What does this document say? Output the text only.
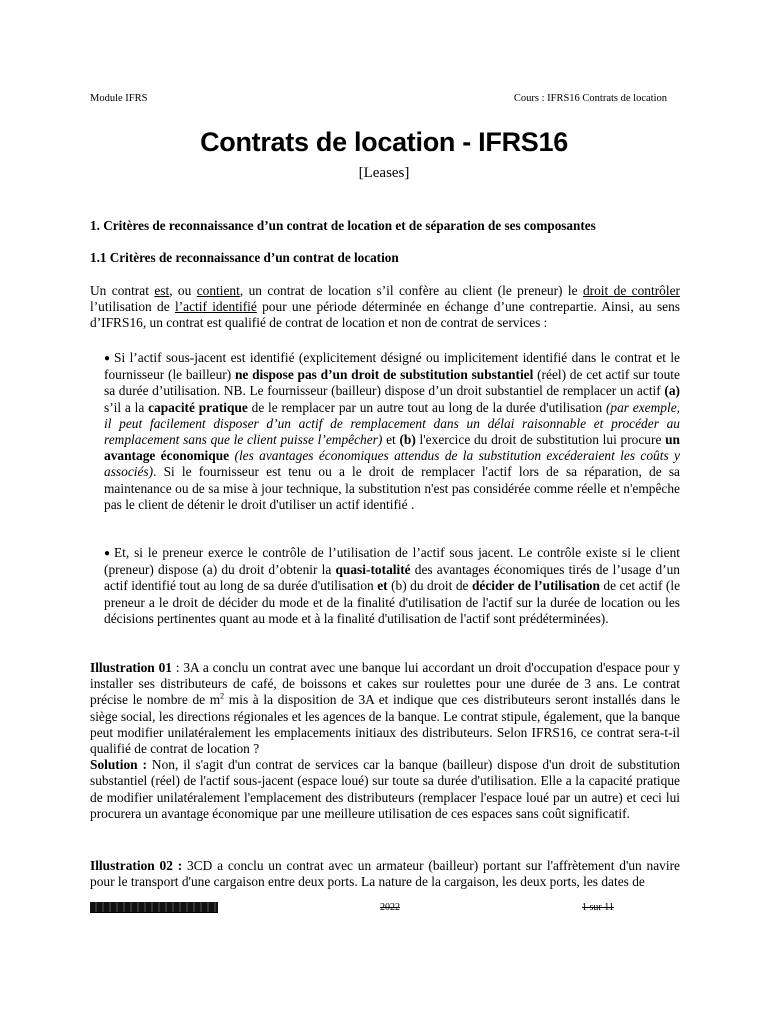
Module IFRS	Cours : IFRS16 Contrats de location
Contrats de location - IFRS16
[Leases]
1. Critères de reconnaissance d’un contrat de location et de séparation de ses composantes
1.1 Critères de reconnaissance d’un contrat de location
Un contrat est, ou contient, un contrat de location s’il confère au client (le preneur) le droit de contrôler l’utilisation de l’actif identifié pour une période déterminée en échange d’une contrepartie. Ainsi, au sens d’IFRS16, un contrat est qualifié de contrat de location et non de contrat de services :
● Si l’actif sous-jacent est identifié (explicitement désigné ou implicitement identifié dans le contrat et le fournisseur (le bailleur) ne dispose pas d’un droit de substitution substantiel (réel) de cet actif sur toute sa durée d’utilisation. NB. Le fournisseur (bailleur) dispose d’un droit substantiel de remplacer un actif (a) s’il a la capacité pratique de le remplacer par un autre tout au long de la durée d'utilisation (par exemple, il peut facilement disposer d’un actif de remplacement dans un délai raisonnable et procéder au remplacement sans que le client puisse l’empêcher) et (b) l'exercice du droit de substitution lui procure un avantage économique (les avantages économiques attendus de la substitution excéderaient les coûts y associés). Si le fournisseur est tenu ou a le droit de remplacer l'actif lors de sa réparation, de sa maintenance ou de sa mise à jour technique, la substitution n'est pas considérée comme réelle et n'empêche pas le client de détenir le droit d'utiliser un actif identifié .
● Et, si le preneur exerce le contrôle de l’utilisation de l’actif sous jacent. Le contrôle existe si le client (preneur) dispose (a) du droit d’obtenir la quasi-totalité des avantages économiques tirés de l’usage d’un actif identifié tout au long de sa durée d'utilisation et (b) du droit de décider de l’utilisation de cet actif (le preneur a le droit de décider du mode et de la finalité d'utilisation de l'actif sur la durée de location ou les décisions pertinentes quant au mode et à la finalité d'utilisation de l'actif sont prédéterminées).
Illustration 01 : 3A a conclu un contrat avec une banque lui accordant un droit d'occupation d'espace pour y installer ses distributeurs de café, de boissons et cakes sur roulettes pour une durée de 3 ans. Le contrat précise le nombre de $m^2$ mis à la disposition de 3A et indique que ces distributeurs seront installés dans le siège social, les directions régionales et les agences de la banque. Le contrat stipule, également, que la banque peut modifier unilatéralement les emplacements initiaux des distributeurs. Selon IFRS16, ce contrat sera-t-il qualifié de contrat de location ?
Solution : Non, il s'agit d'un contrat de services car la banque (bailleur) dispose d'un droit de substitution substantiel (réel) de l'actif sous-jacent (espace loué) sur toute sa durée d'utilisation. Elle a la capacité pratique de modifier unilatéralement l'emplacement des distributeurs (remplacer l'espace loué par un autre) et ceci lui procurera un avantage économique par une meilleure utilisation de ces espaces sans coût significatif.
Illustration 02 : 3CD a conclu un contrat avec un armateur (bailleur) portant sur l'affrètement d'un navire pour le transport d'une cargaison entre deux ports. La nature de la cargaison, les deux ports, les dates de
2022	1 sur 11
